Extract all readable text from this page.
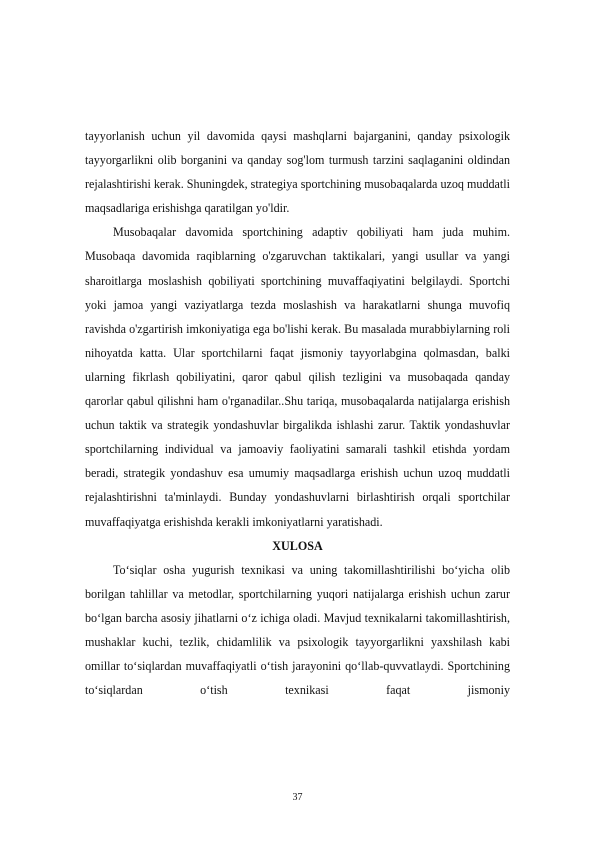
tayyorlanish uchun yil davomida qaysi mashqlarni bajarganini, qanday psixologik tayyorgarlikni olib borganini va qanday sog'lom turmush tarzini saqlaganini oldindan rejalashtirishi kerak. Shuningdek, strategiya sportchining musobaqalarda uzoq muddatli maqsadlariga erishishga qaratilgan yo'ldir.

Musobaqalar davomida sportchining adaptiv qobiliyati ham juda muhim. Musobaqa davomida raqiblarning o'zgaruvchan taktikalari, yangi usullar va yangi sharoitlarga moslashish qobiliyati sportchining muvaffaqiyatini belgilaydi. Sportchi yoki jamoa yangi vaziyatlarga tezda moslashish va harakatlarni shunga muvofiq ravishda o'zgartirish imkoniyatiga ega bo'lishi kerak. Bu masalada murabbiylarning roli nihoyatda katta. Ular sportchilarni faqat jismoniy tayyorlabgina qolmasdan, balki ularning fikrlash qobiliyatini, qaror qabul qilish tezligini va musobaqada qanday qarorlar qabul qilishni ham o'rganadilar..Shu tariqa, musobaqalarda natijalarga erishish uchun taktik va strategik yondashuvlar birgalikda ishlashi zarur. Taktik yondashuvlar sportchilarning individual va jamoaviy faoliyatini samarali tashkil etishda yordam beradi, strategik yondashuv esa umumiy maqsadlarga erishish uchun uzoq muddatli rejalashtirishni ta'minlaydi. Bunday yondashuvlarni birlashtirish orqali sportchilar muvaffaqiyatga erishishda kerakli imkoniyatlarni yaratishadi.

XULOSA

To‘siqlar osha yugurish texnikasi va uning takomillashtirilishi bo‘yicha olib borilgan tahlillar va metodlar, sportchilarning yuqori natijalarga erishish uchun zarur bo‘lgan barcha asosiy jihatlarni o‘z ichiga oladi. Mavjud texnikalarni takomillashtirish, mushaklar kuchi, tezlik, chidamlilik va psixologik tayyorgarlikni yaxshilash kabi omillar to‘siqlardan muvaffaqiyatli o‘tish jarayonini qo‘llab-quvvatlaydi. Sportchining to‘siqlardan o‘tish texnikasi faqat jismoniy

37
